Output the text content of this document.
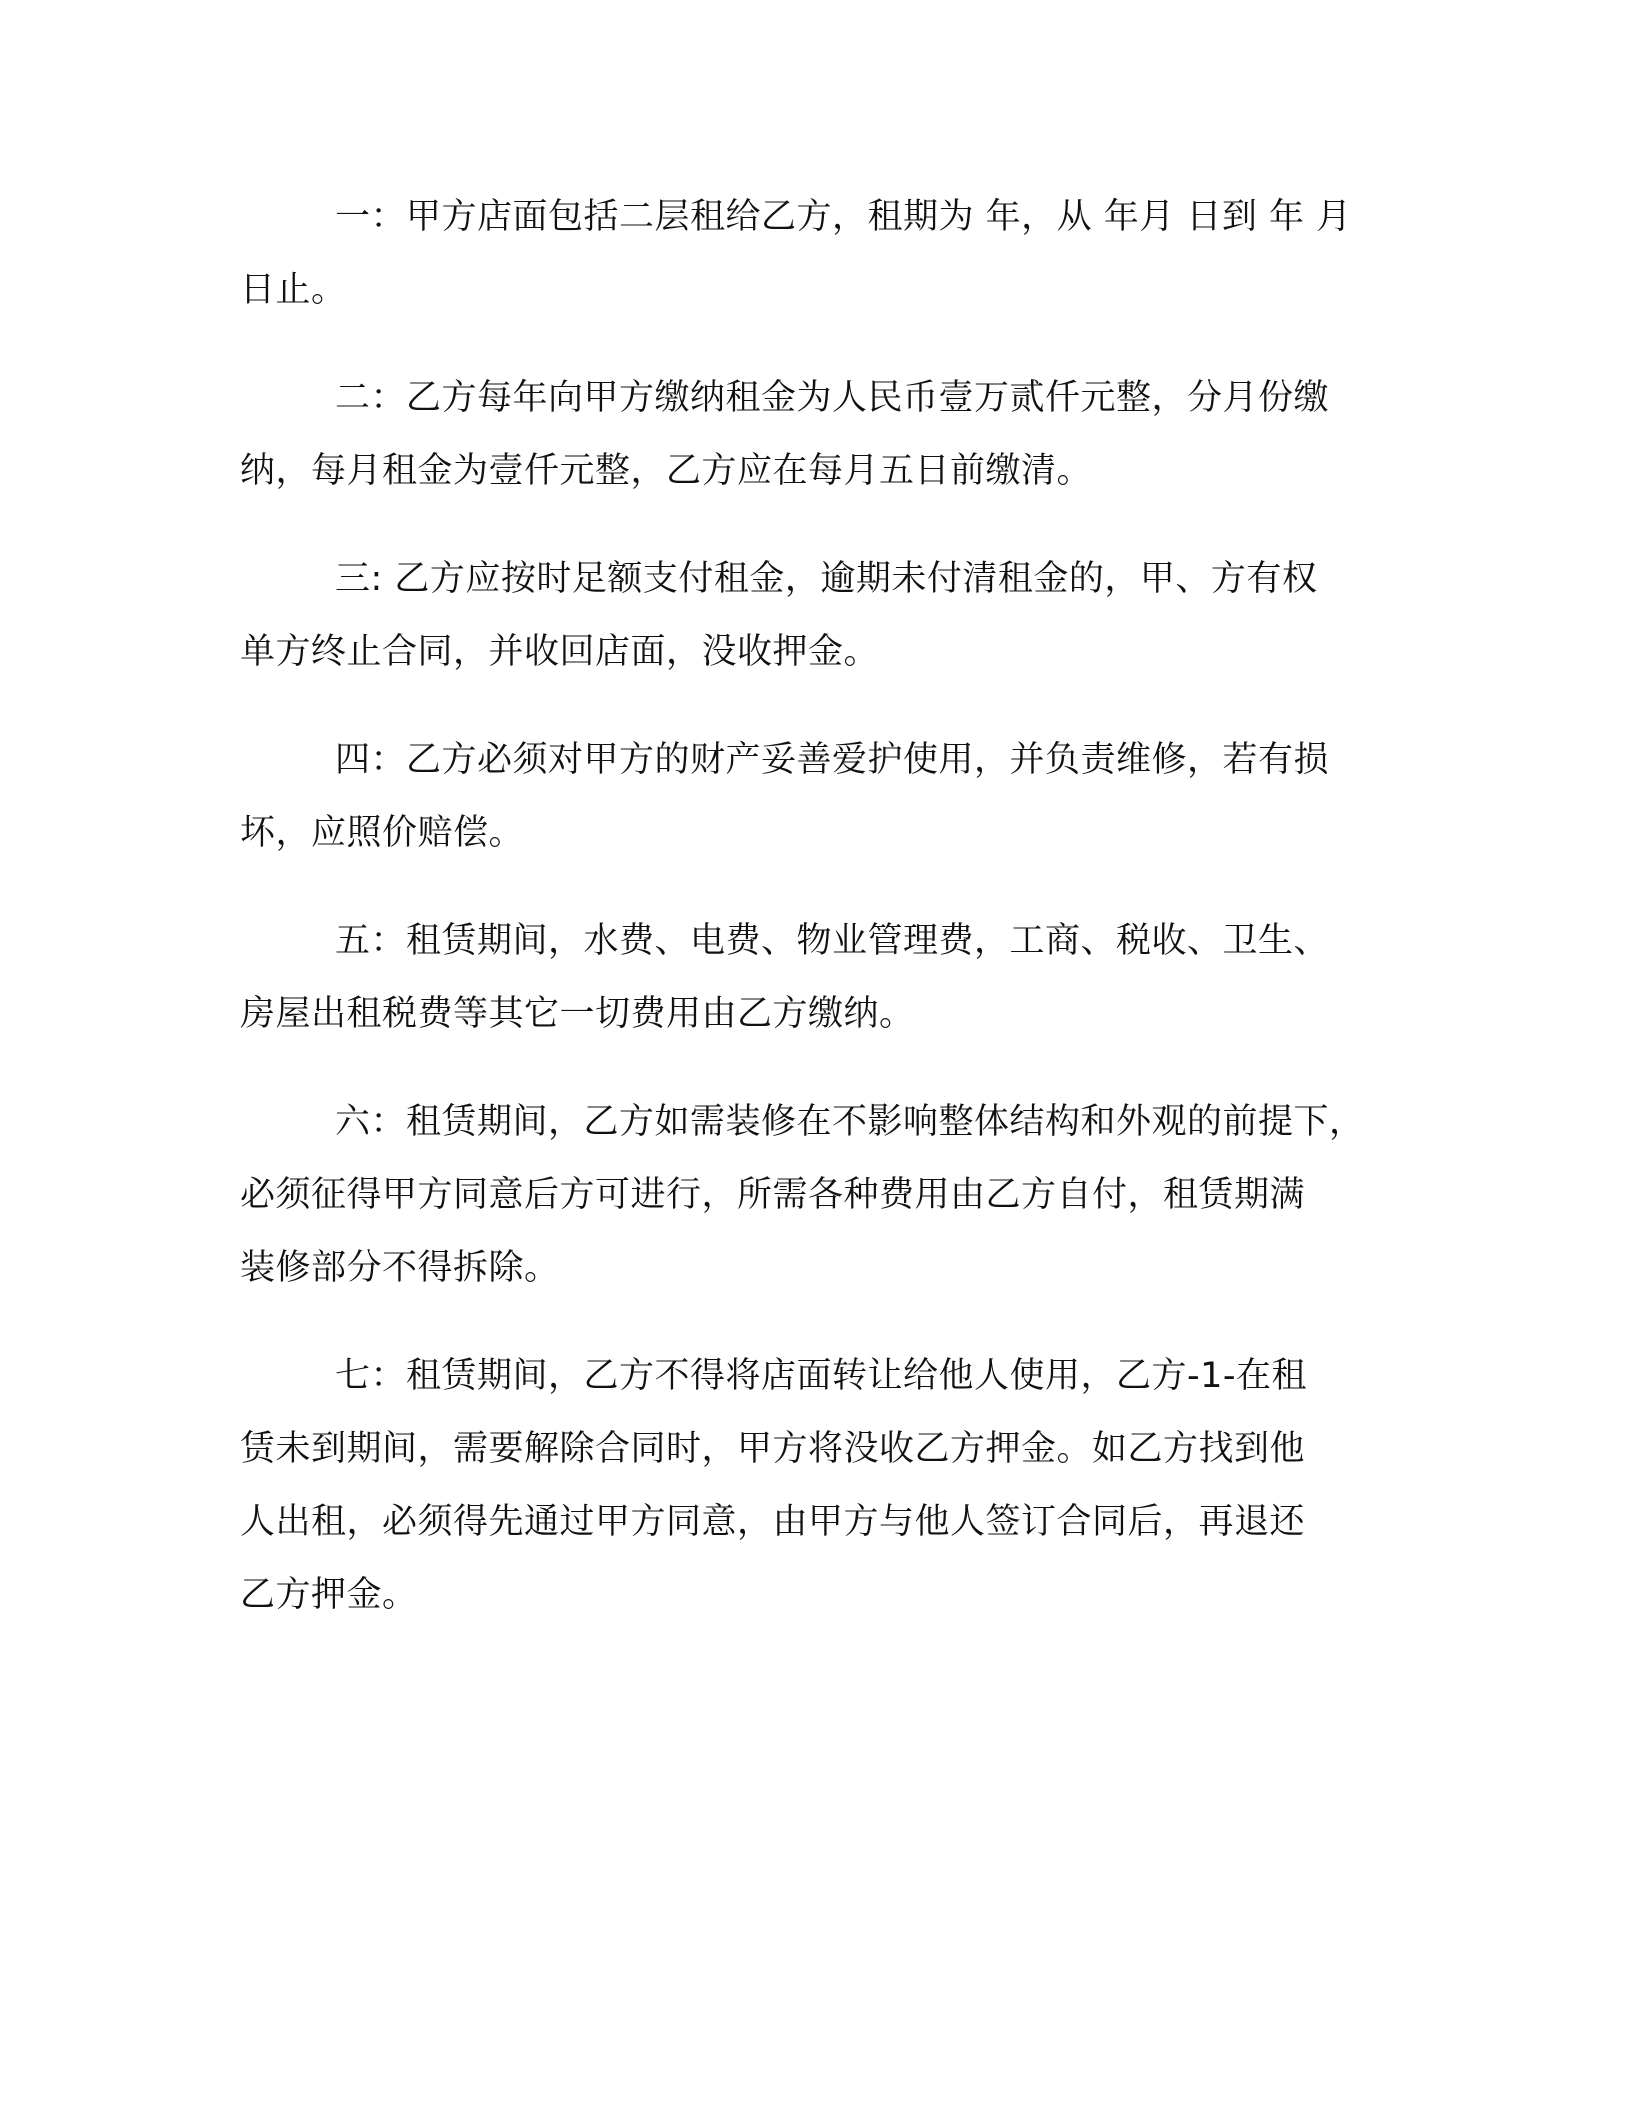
一：甲方店面包括二层租给乙方，租期为 年，从 年月 日到 年 月
日止。
二：乙方每年向甲方缴纳租金为人民币壹万贰仟元整，分月份缴
纳，每月租金为壹仟元整，乙方应在每月五日前缴清。
三: 乙方应按时足额支付租金，逾期未付清租金的，甲、方有权
单方终止合同，并收回店面，没收押金。
四：乙方必须对甲方的财产妥善爱护使用，并负责维修，若有损
坏，应照价赔偿。
五：租赁期间，水费、电费、物业管理费，工商、税收、卫生、
房屋出租税费等其它一切费用由乙方缴纳。
六：租赁期间，乙方如需装修在不影响整体结构和外观的前提下，
必须征得甲方同意后方可进行，所需各种费用由乙方自付，租赁期满
装修部分不得拆除。
七：租赁期间，乙方不得将店面转让给他人使用，乙方-1-在租
赁未到期间，需要解除合同时，甲方将没收乙方押金。如乙方找到他
人出租，必须得先通过甲方同意，由甲方与他人签订合同后，再退还
乙方押金。
